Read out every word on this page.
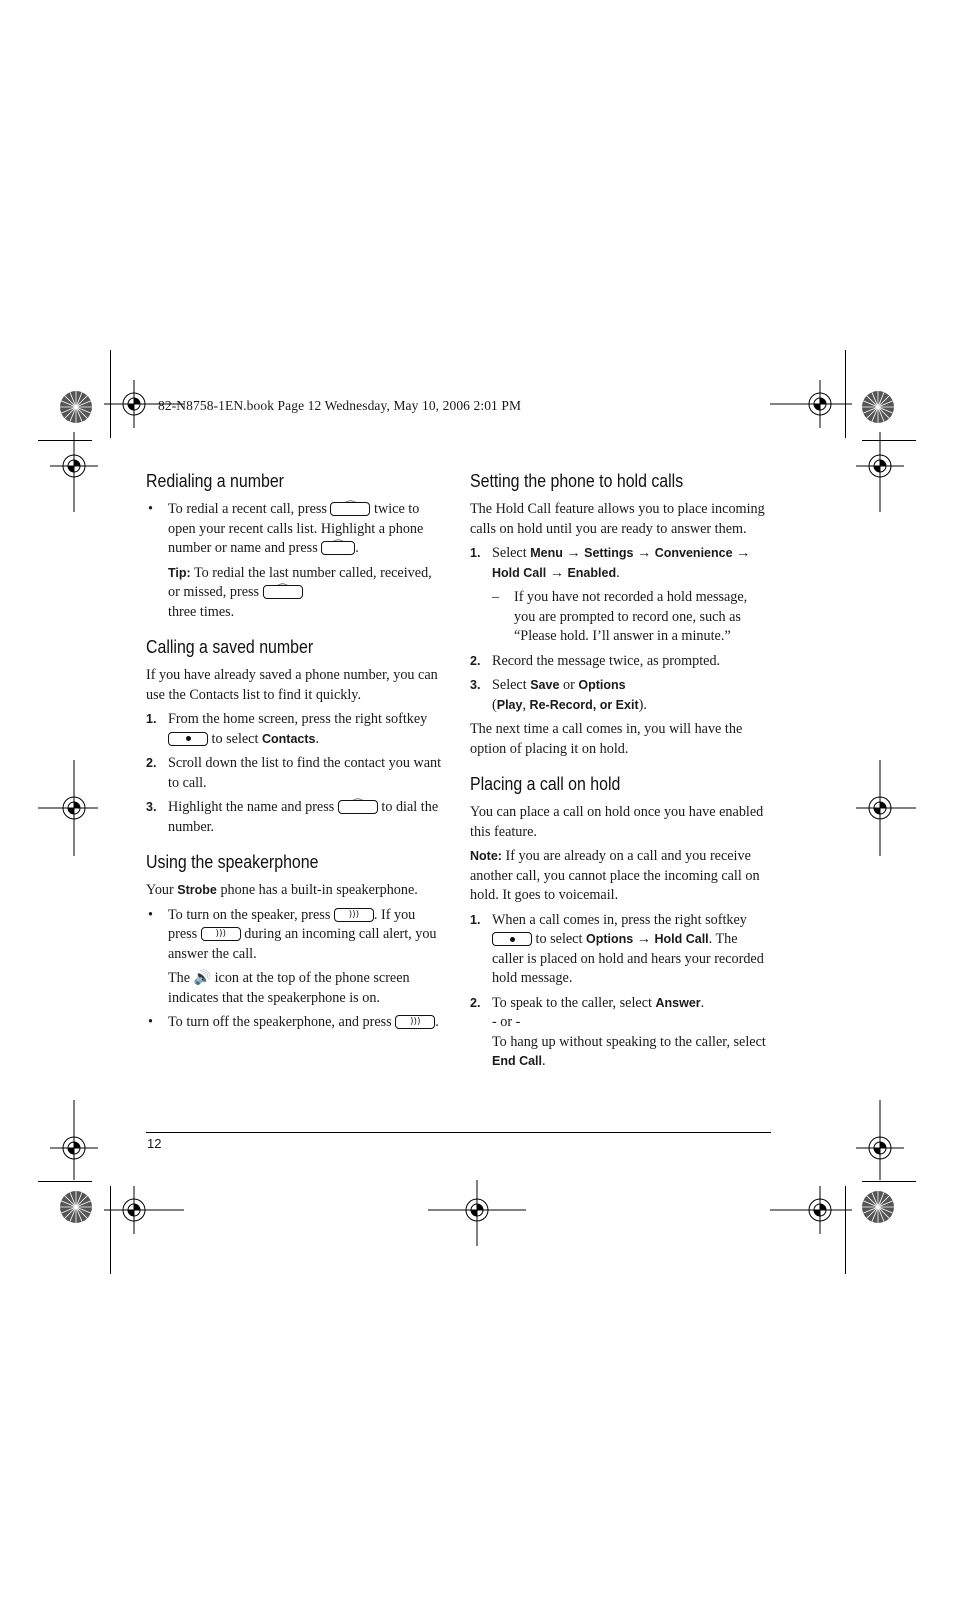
82-N8758-1EN.book Page 12 Wednesday, May 10, 2006 2:01 PM
Redialing a number

• To redial a recent call, press	⌒	twice to open your recent calls list. Highlight a phone number or name and press	⌒ .

Tip: To redial the last number called, received, or missed, press	⌒

three times.

Calling a saved number

If you have already saved a phone number, you can use the Contacts list to find it quickly.

1. From the home screen, press the right softkey
to select Contacts.

2. Scroll down the list to find the contact you want to call.

3. Highlight the name and press	⌒	to dial the number.

Using the speakerphone

Your Strobe phone has a built-in speakerphone.

• To turn on the speaker, press	)))	. If you press	)))	during an incoming call alert, you answer the call.

The 🔊 icon at the top of the phone screen indicates that the speakerphone is on.

• To turn off the speakerphone, and press	)))	.

Setting the phone to hold calls

The Hold Call feature allows you to place incoming calls on hold until you are ready to answer them.

1. Select Menu → Settings → Convenience → Hold Call → Enabled.

– If you have not recorded a hold message, you are prompted to record one, such as “Please hold. I’ll answer in a minute.”

2. Record the message twice, as prompted.

3. Select Save or Options
(Play, Re-Record, or Exit).

The next time a call comes in, you will have the option of placing it on hold.

Placing a call on hold

You can place a call on hold once you have enabled this feature.

Note: If you are already on a call and you receive another call, you cannot place the incoming call on hold. It goes to voicemail.

1. When a call comes in, press the right softkey
to select Options → Hold Call. The caller is placed on hold and hears your recorded hold message.

2. To speak to the caller, select Answer.
- or -
To hang up without speaking to the caller, select End Call.

12
